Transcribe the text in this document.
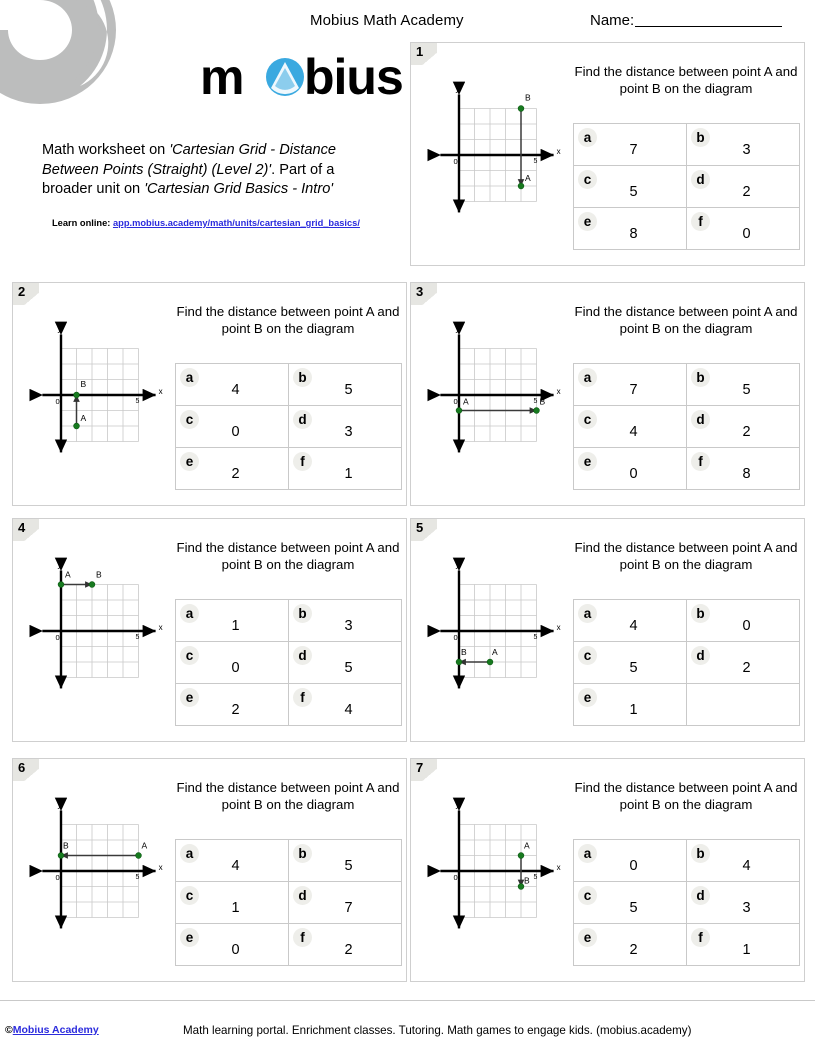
Mobius Math Academy	Name:
m bius
Math worksheet on 'Cartesian Grid - Distance Between Points (Straight) (Level 2)'. Part of a broader unit on 'Cartesian Grid Basics - Intro'
Learn online: app.mobius.academy/math/units/cartesian_grid_basics/
1
x
y
0	5
A
B
Find the distance between point A and point B on the diagram
a
7	b
3

c
5	d
2

e
8	f
0
2
x
y
0	5
A
B
Find the distance between point A and point B on the diagram
a
4	b
5

c
0	d
3

e
2	f
1
3
x
y
0	5
A	B
Find the distance between point A and point B on the diagram
a
7	b
5

c
4	d
2

e
0	f
8
4
x
y
0	5
A	B
Find the distance between point A and point B on the diagram
a
1	b
3

c
0	d
5

e
2	f
4
5
x
y
0	5
A
B
Find the distance between point A and point B on the diagram
a
4	b
0

c
5	d
2

e
1	

6
x
y
0	5
A
B
Find the distance between point A and point B on the diagram
a
4	b
5

c
1	d
7

e
0	f
2
7
x
y
0	5
A
B
Find the distance between point A and point B on the diagram
a
0	b
4

c
5	d
3

e
2	f
1
©Mobius Academy	Math learning portal. Enrichment classes. Tutoring. Math games to engage kids. (mobius.academy)
